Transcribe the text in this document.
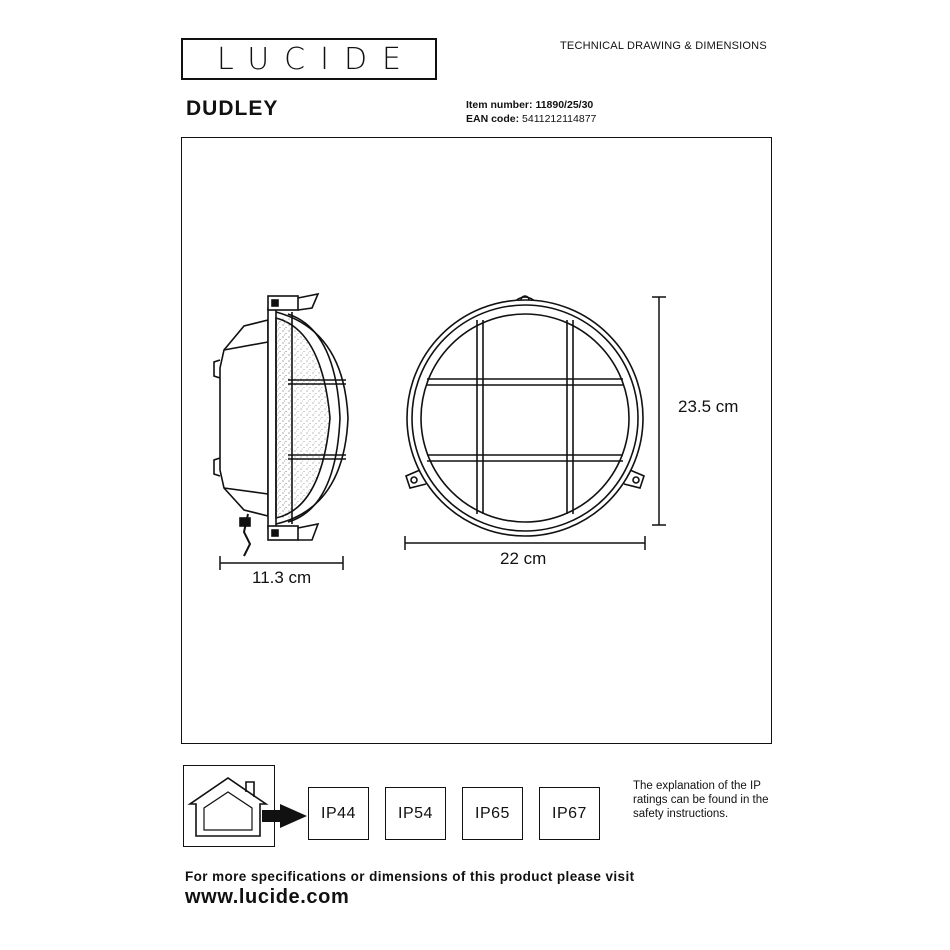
LUCIDE	TECHNICAL DRAWING & DIMENSIONS
DUDLEY	Item number: 11890/25/30
EAN code: 5411212114877
11.3 cm
23.5 cm
22 cm
IP44	IP54	IP65	IP67
The explanation of the IP ratings can be found in the safety instructions.
For more specifications or dimensions of this product please visit
www.lucide.com
